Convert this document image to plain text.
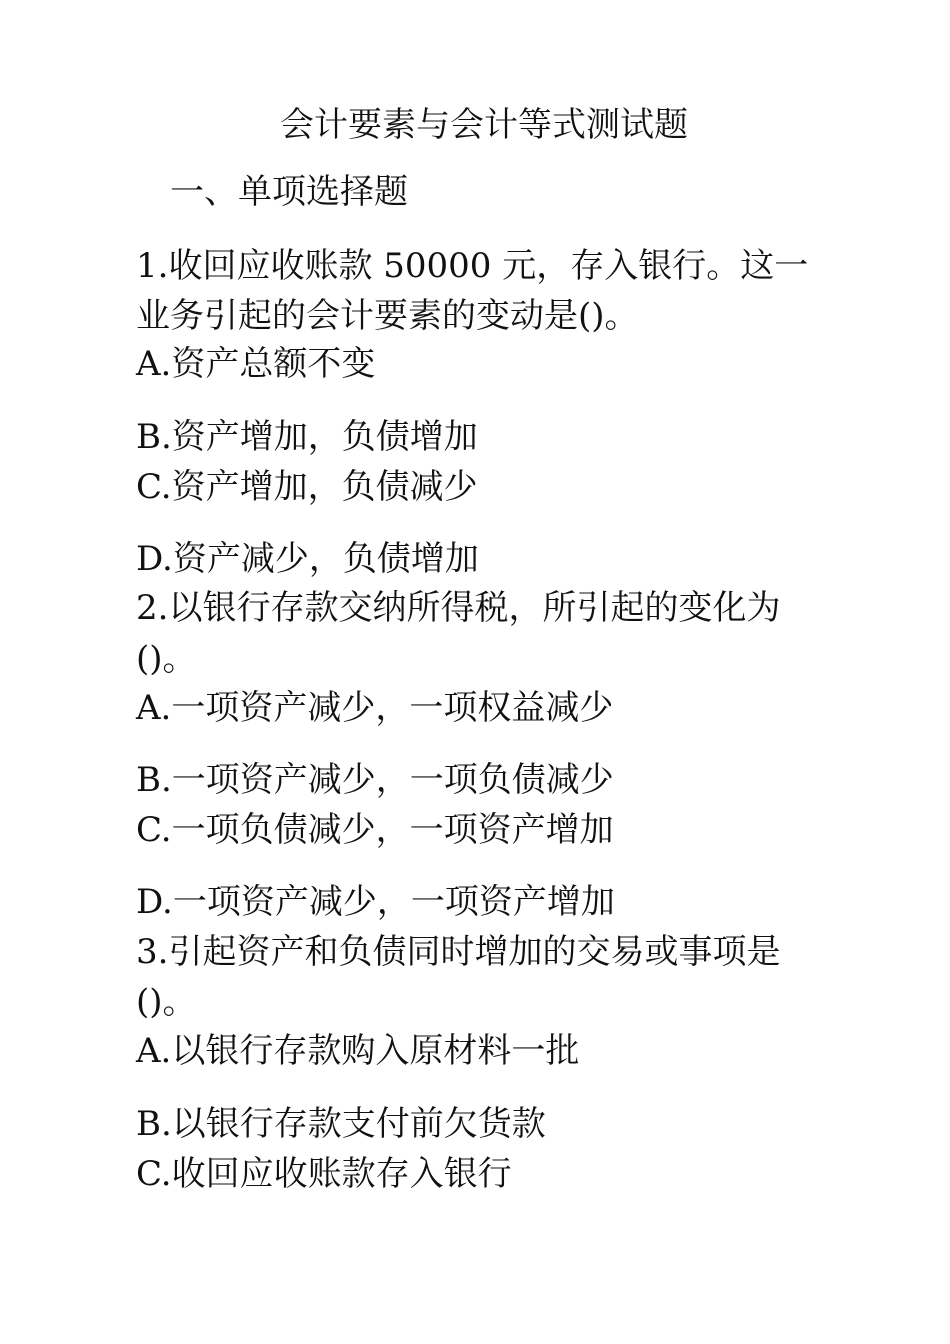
会计要素与会计等式测试题
一、单项选择题
1.收回应收账款 50000 元，存入银行。这一
业务引起的会计要素的变动是()。
A.资产总额不变
B.资产增加，负债增加
C.资产增加，负债减少
D.资产减少，负债增加
2.以银行存款交纳所得税，所引起的变化为
()。
A.一项资产减少，一项权益减少
B.一项资产减少，一项负债减少
C.一项负债减少，一项资产增加
D.一项资产减少，一项资产增加
3.引起资产和负债同时增加的交易或事项是
()。
A.以银行存款购入原材料一批
B.以银行存款支付前欠货款
C.收回应收账款存入银行
